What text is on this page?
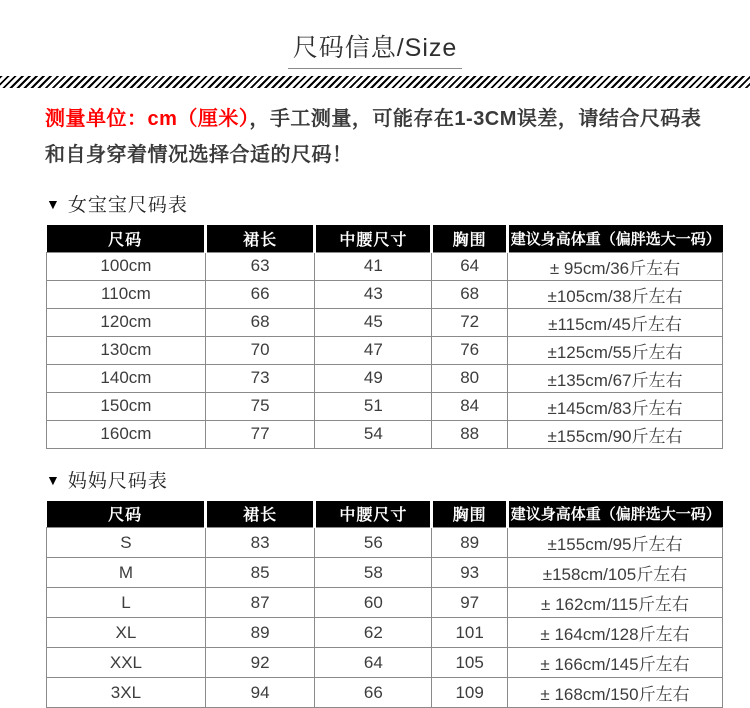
尺码信息/Size
测量单位：cm（厘米），手工测量，可能存在1-3CM误差，请结合尺码表
和自身穿着情况选择合适的尺码！
▼ 女宝宝尺码表
尺码	裙长	中腰尺寸	胸围	建议身高体重（偏胖选大一码）
100cm	63	41	64	± 95cm/36斤左右
110cm	66	43	68	±105cm/38斤左右
120cm	68	45	72	±115cm/45斤左右
130cm	70	47	76	±125cm/55斤左右
140cm	73	49	80	±135cm/67斤左右
150cm	75	51	84	±145cm/83斤左右
160cm	77	54	88	±155cm/90斤左右
▼ 妈妈尺码表
尺码	裙长	中腰尺寸	胸围	建议身高体重（偏胖选大一码）
S	83	56	89	±155cm/95斤左右
M	85	58	93	±158cm/105斤左右
L	87	60	97	± 162cm/115斤左右
XL	89	62	101	± 164cm/128斤左右
XXL	92	64	105	± 166cm/145斤左右
3XL	94	66	109	± 168cm/150斤左右
